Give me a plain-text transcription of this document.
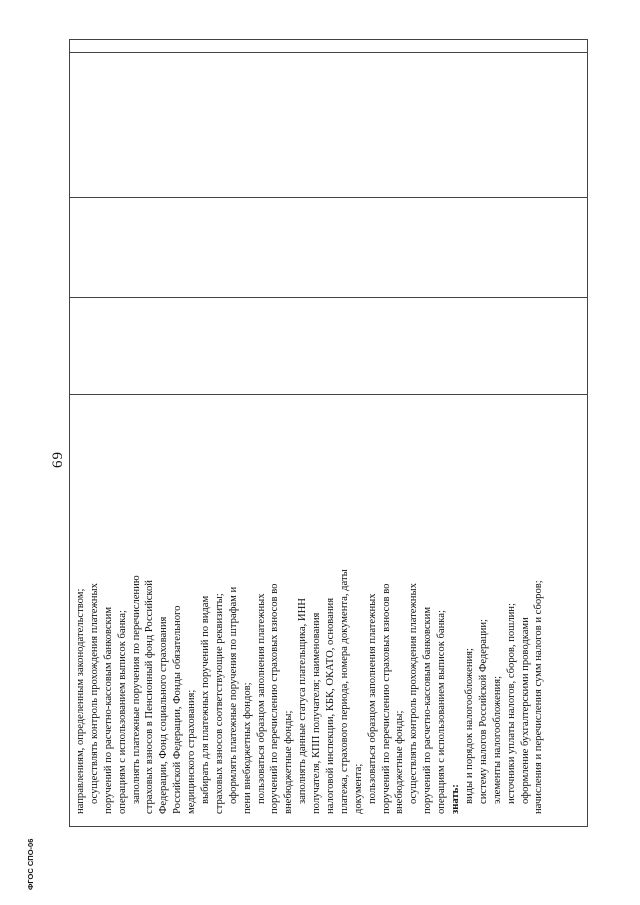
69
ФГОС СПО-06
направлениям, определенным законодательством; осуществлять контроль прохождения платежных поручений по расчетно-кассовым банковским операциям с использованием выписок банка; заполнять платежные поручения по перечислению страховых взносов в Пенсионный фонд Российской Федерации, Фонд социального страхования Российской Федерации, Фонды обязательного медицинского страхования; выбирать для платежных поручений по видам страховых взносов соответствующие реквизиты; оформлять платежные поручения по штрафам и пени внебюджетных фондов; пользоваться образцом заполнения платежных поручений по перечислению страховых взносов во внебюджетные фонды; заполнять данные статуса плательщика, ИНН получателя, КПП получателя; наименования налоговой инспекции, КБК, ОКАТО, основания платежа, страхового периода, номера документа, даты документа; пользоваться образцом заполнения платежных поручений по перечислению страховых взносов во внебюджетные фонды; осуществлять контроль прохождения платежных поручений по расчетно-кассовым банковским операциям с использованием выписок банка; знать: виды и порядок налогообложения; систему налогов Российской Федерации; элементы налогообложения; источники уплаты налогов, сборов, пошлин; оформление бухгалтерскими проводками начисления и перечисления сумм налогов и сборов;
